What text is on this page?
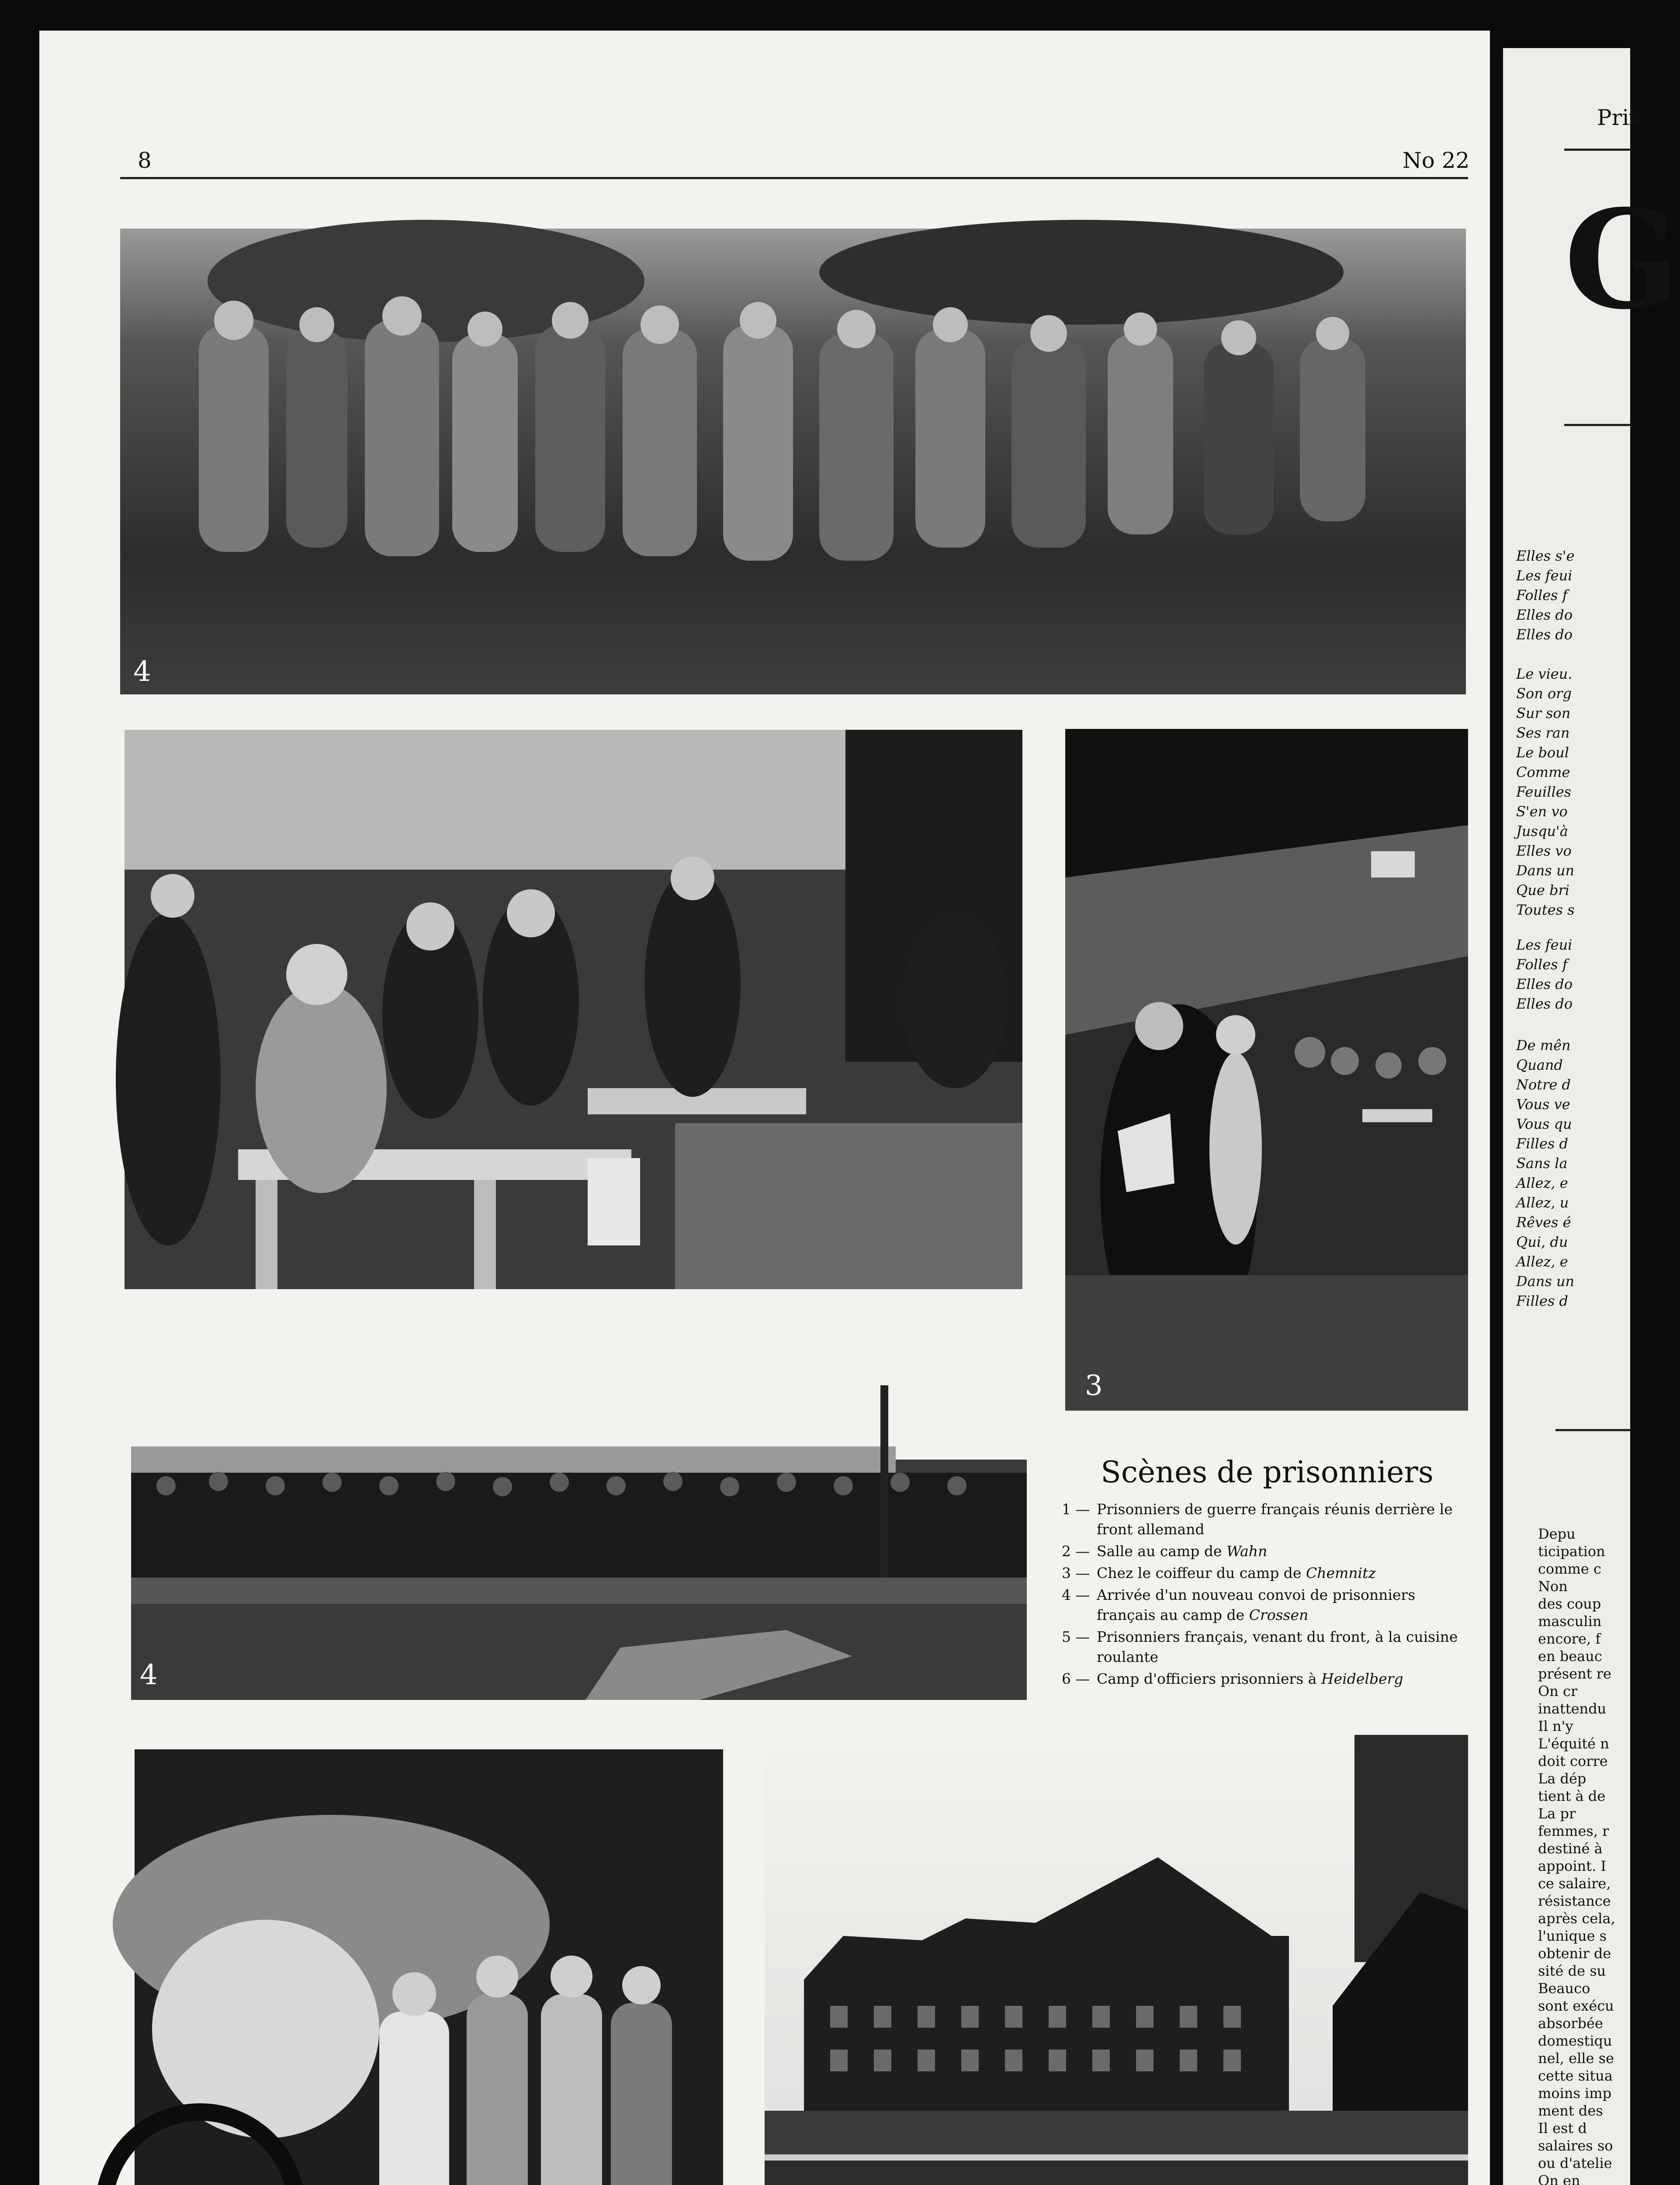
8	No 22
4
3
4
Scènes de prisonniers
1 — Prisonniers de guerre français réunis derrière le front allemand
2 — Salle au camp de Wahn
3 — Chez le coiffeur du camp de Chemnitz
4 — Arrivée d'un nouveau convoi de prisonniers français au camp de Crossen
5 — Prisonniers français, venant du front, à la cuisine roulante
6 — Camp d'officiers prisonniers à Heidelberg
Prix
G
Elles s'e
Les feui
Folles f
Elles do
Elles do
Le vieu.
Son org
Sur son
Ses ran
Le boul
Comme
Feuilles
S'en vo
Jusqu'à
Elles vo
Dans un
Que bri
Toutes s
Les feui
Folles f
Elles do
Elles do
De mên
Quand
Notre d
Vous ve
Vous qu
Filles d
Sans la
Allez, e
Allez, u
Rêves é
Qui, du
Allez, e
Dans un
Filles d
Depu
ticipation
comme c
Non
des coup
masculin
encore, f
en beauc
présent re
On cr
inattendu
Il n'y
L'équité n
doit corre
La dép
tient à de
La pr
femmes, r
destiné à
appoint. I
ce salaire,
résistance
après cela,
l'unique s
obtenir de
sité de su
Beauco
sont exécu
absorbée
domestiqu
nel, elle se
cette situa
moins imp
ment des
Il est d
salaires so
ou d'atelie
On en
